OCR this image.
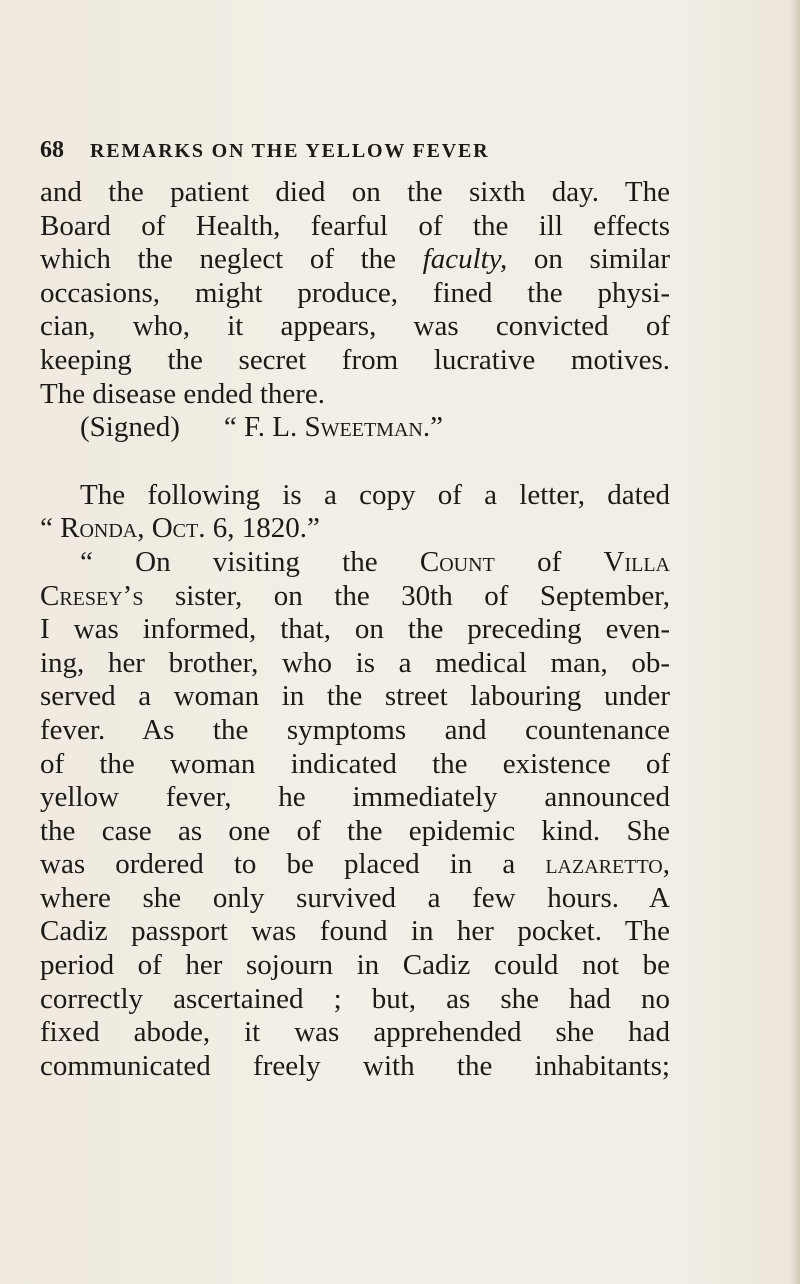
68 REMARKS ON THE YELLOW FEVER
and the patient died on the sixth day. The
Board of Health, fearful of the ill effects
which the neglect of the faculty, on similar
occasions, might produce, fined the physi-
cian, who, it appears, was convicted of
keeping the secret from lucrative motives.
The disease ended there.
(Signed) “ F. L. Sweetman.”
The following is a copy of a letter, dated
“ Ronda, Oct. 6, 1820.”
“ On visiting the Count of Villa
Cresey’s sister, on the 30th of September,
I was informed, that, on the preceding even-
ing, her brother, who is a medical man, ob-
served a woman in the street labouring under
fever. As the symptoms and countenance
of the woman indicated the existence of
yellow fever, he immediately announced
the case as one of the epidemic kind. She
was ordered to be placed in a lazaretto,
where she only survived a few hours. A
Cadiz passport was found in her pocket. The
period of her sojourn in Cadiz could not be
correctly ascertained ; but, as she had no
fixed abode, it was apprehended she had
communicated freely with the inhabitants;
